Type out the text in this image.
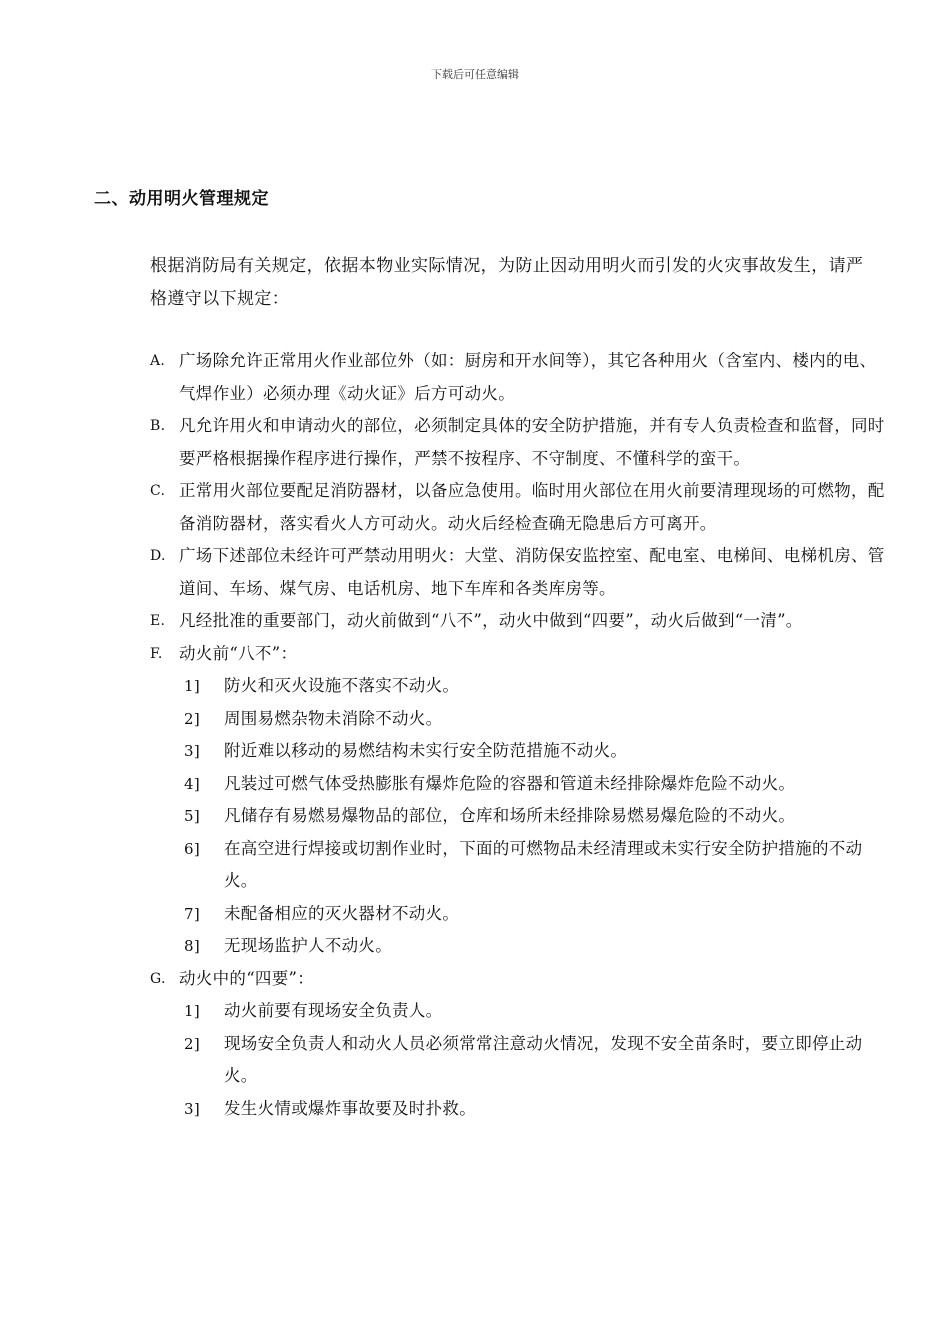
下载后可任意编辑
二、动用明火管理规定
根据消防局有关规定，依据本物业实际情况，为防止因动用明火而引发的火灾事故发生，请严格遵守以下规定：
A. 广场除允许正常用火作业部位外（如：厨房和开水间等），其它各种用火（含室内、楼内的电、气焊作业）必须办理《动火证》后方可动火。
B. 凡允许用火和申请动火的部位，必须制定具体的安全防护措施，并有专人负责检查和监督，同时要严格根据操作程序进行操作，严禁不按程序、不守制度、不懂科学的蛮干。
C. 正常用火部位要配足消防器材，以备应急使用。临时用火部位在用火前要清理现场的可燃物，配备消防器材，落实看火人方可动火。动火后经检查确无隐患后方可离开。
D. 广场下述部位未经许可严禁动用明火：大堂、消防保安监控室、配电室、电梯间、电梯机房、管道间、车场、煤气房、电话机房、地下车库和各类库房等。
E. 凡经批准的重要部门，动火前做到“八不”，动火中做到“四要”，动火后做到“一清”。
F. 动火前“八不”：
1]	防火和灭火设施不落实不动火。
2]	周围易燃杂物未消除不动火。
3]	附近难以移动的易燃结构未实行安全防范措施不动火。
4]	凡装过可燃气体受热膨胀有爆炸危险的容器和管道未经排除爆炸危险不动火。
5]	凡储存有易燃易爆物品的部位，仓库和场所未经排除易燃易爆危险的不动火。
6]	在高空进行焊接或切割作业时，下面的可燃物品未经清理或未实行安全防护措施的不动火。
7]	未配备相应的灭火器材不动火。
8]	无现场监护人不动火。
G. 动火中的“四要”：
1]	动火前要有现场安全负责人。
2]	现场安全负责人和动火人员必须常常注意动火情况，发现不安全苗条时，要立即停止动火。
3]	发生火情或爆炸事故要及时扑救。
